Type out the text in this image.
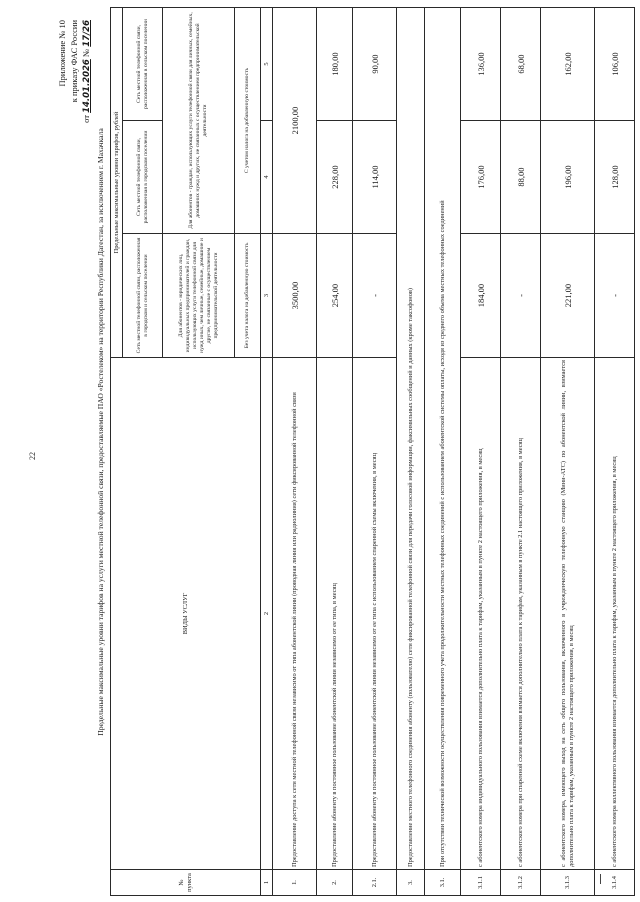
22
Приложение № 10 к приказу ФАС России
от 14.01.2026 № 17/26
Предельные максимальные уровни тарифов на услуги местной телефонной связи, предоставляемые ПАО «Ростелеком» на территории Республики Дагестан, за исключением г. Махачкала
№ пункта	ВИДЫ УСЛУГ	Предельные максимальные уровни тарифов, рублей		
		Сеть местной телефонной связи, расположенная в городском и сельском поселении	Сеть местной телефонной связи, расположенная в городском поселении	Сеть местной телефонной связи, расположенная в сельском поселении
		Для абонентов - юридических лиц, индивидуальных предпринимателей и граждан, использующих услуги телефонной связи для нужд иных, чем личные, семейные, домашние и другие, не связанные с осуществлением предпринимательской деятельности	Для абонентов - граждан, использующих услуги телефонной связи для личных, семейных, домашних нужд и других, не связанных с осуществлением предпринимательской деятельности	
		Без учета налога на добавленную стоимость	С учетом налога на добавленную стоимость	
1	2	3	4	5
1.	Предоставление доступа к сети местной телефонной связи независимо от типа абонентской линии (проводная линия или радиолиния) сети фиксированной телефонной связи	3500,00	2100,00	
2.	Предоставление абоненту в постоянное пользование абонентской линии независимо от ее типа, в месяц	254,00	228,00	180,00
2.1.	Предоставление абоненту в постоянное пользование абонентской линии независимо от ее типа с использованием спаренной схемы включения, в месяц	-	114,00	90,00
3.	Предоставление местного телефонного соединения абоненту (пользователю) сети фиксированной телефонной связи для передачи голосовой информации, факсимильных сообщений и данных (кроме таксофонов)			
3.1.	При отсутствии технической возможности осуществления повременного учета продолжительности местных телефонных соединений с использованием абонентской системы оплаты, исходя из среднего объема местных телефонных соединений			
3.1.1	с абонентского номера индивидуального пользования взимается дополнительно плата к тарифам, указанным в пункте 2 настоящего приложения, в месяц	184,00	176,00	136,00
3.1.2	с абонентского номера при спаренной схеме включения взимается дополнительно плата к тарифам, указанным в пункте 2.1 настоящего приложения, в месяц	-	88,00	68,00
3.1.3	с абонентского номера, имеющего выход на сеть общего пользования, включенного в учрежденческую телефонную станцию (Мини-АТС) по абонентской линии, взимается дополнительно плата к тарифам, указанным в пункте 2 настоящего приложения, в месяц	221,00	196,00	162,00
3.1.4	с абонентского номера коллективного пользования взимается дополнительно плата к тарифам, указанным в пункте 2 настоящего приложения, в месяц	-	128,00	106,00
